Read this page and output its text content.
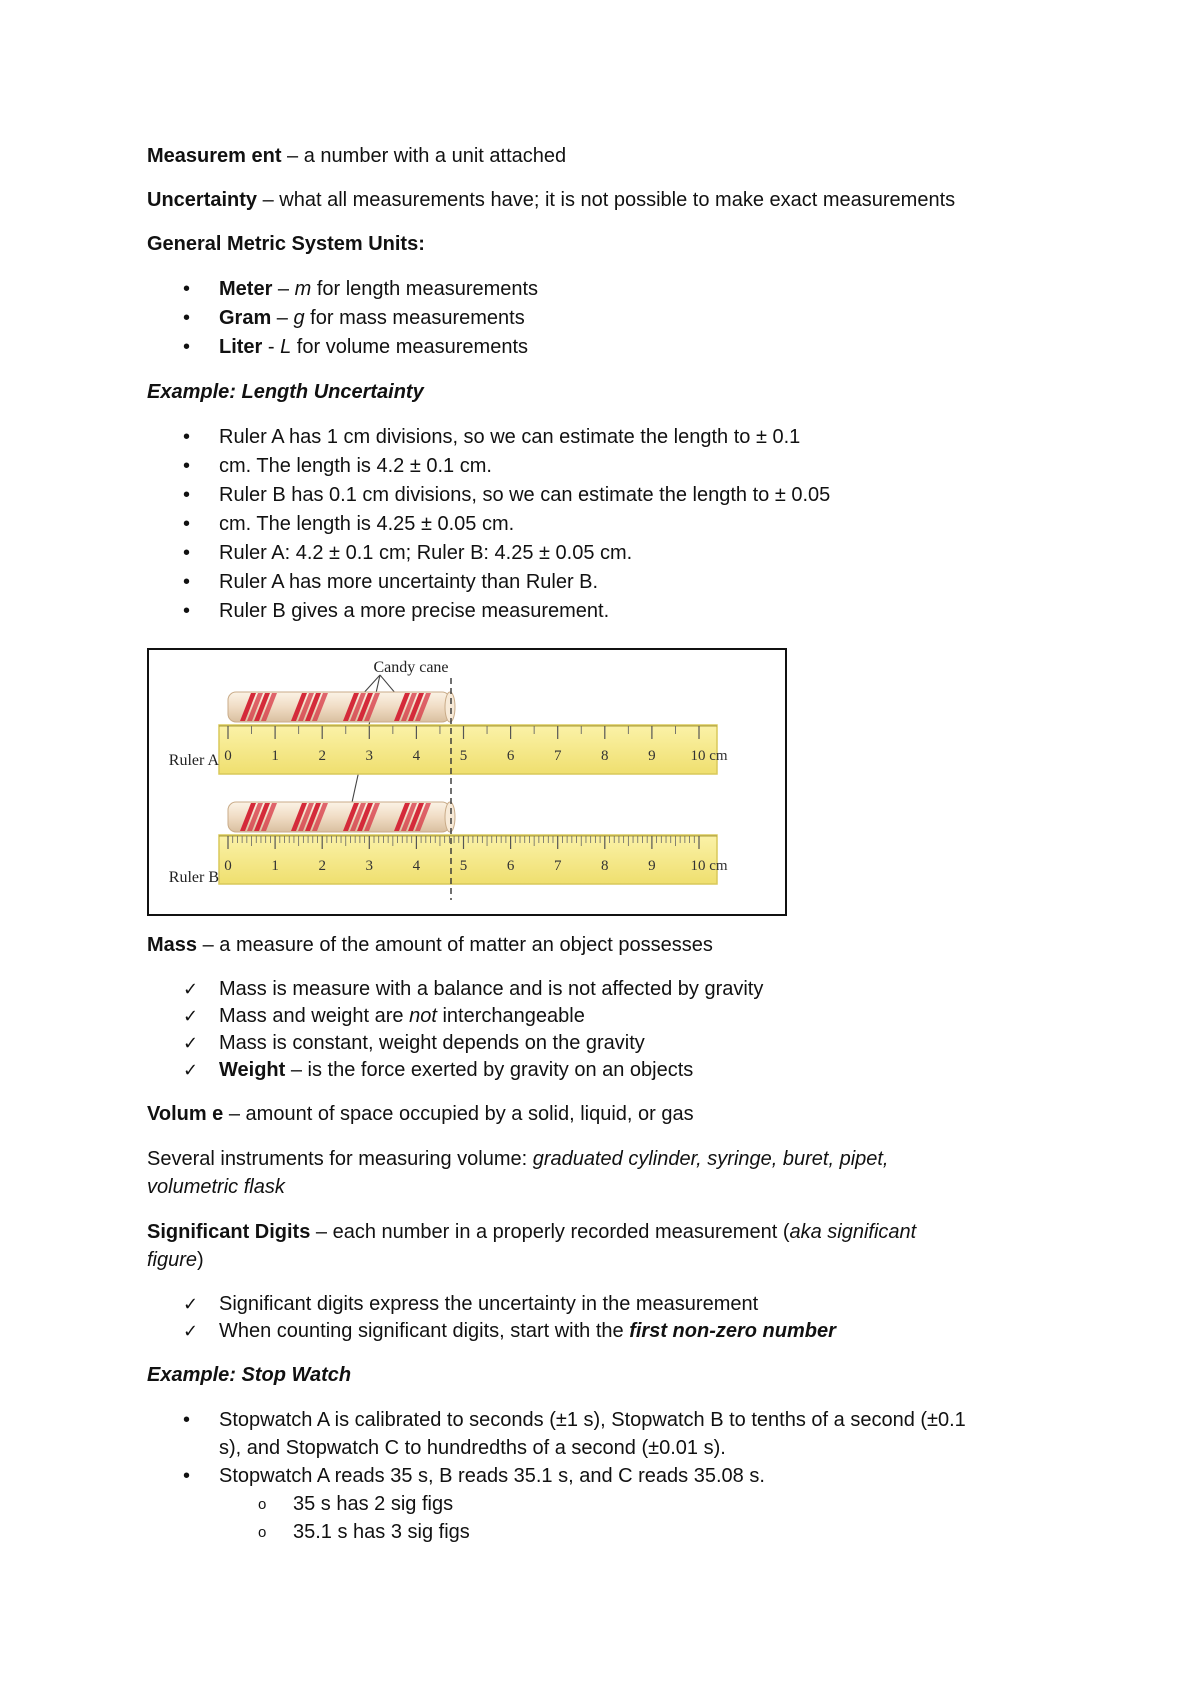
Measurem ent – a number with a unit attached

Uncertainty – what all measurements have; it is not possible to make exact measurements

General Metric System Units:

• Meter – m for length measurements
• Gram – g for mass measurements
• Liter - L for volume measurements

Example: Length Uncertainty

• Ruler A has 1 cm divisions, so we can estimate the length to ± 0.1
• cm. The length is 4.2 ± 0.1 cm.
• Ruler B has 0.1 cm divisions, so we can estimate the length to ± 0.05
• cm. The length is 4.25 ± 0.05 cm.
• Ruler A: 4.2 ± 0.1 cm; Ruler B: 4.25 ± 0.05 cm.
• Ruler A has more uncertainty than Ruler B.
• Ruler B gives a more precise measurement.
0	1	2	3	4	5	6	7	8	9 10 cm
0	1	2	3	4	5	6	7	8	9 10 cm
Ruler A
Ruler B
Candy cane

Mass – a measure of the amount of matter an object possesses

✓ Mass is measure with a balance and is not affected by gravity
✓ Mass and weight are not interchangeable
✓ Mass is constant, weight depends on the gravity
✓ Weight – is the force exerted by gravity on an objects

Volum e – amount of space occupied by a solid, liquid, or gas

Several instruments for measuring volume: graduated cylinder, syringe, buret, pipet,
volumetric flask

Significant Digits – each number in a properly recorded measurement (aka significant
figure)

✓ Significant digits express the uncertainty in the measurement
✓ When counting significant digits, start with the first non-zero number

Example: Stop Watch

• Stopwatch A is calibrated to seconds (±1 s), Stopwatch B to tenths of a second (±0.1
s), and Stopwatch C to hundredths of a second (±0.01 s).
• Stopwatch A reads 35 s, B reads 35.1 s, and C reads 35.08 s.
o 35 s has 2 sig figs
o 35.1 s has 3 sig figs
